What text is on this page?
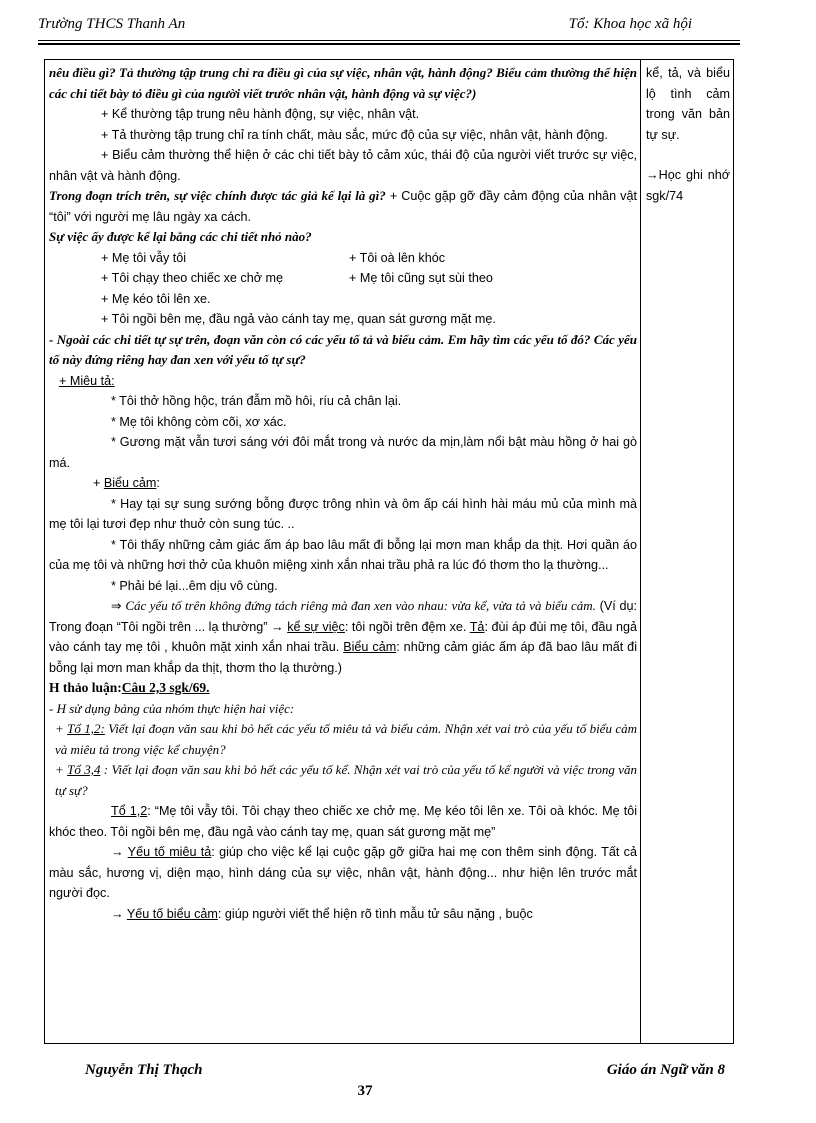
Trường THCS Thanh An	Tổ: Khoa học xã hội

nêu điều gì? Tả thường tập trung chỉ ra điều gì của sự việc, nhân vật, hành động? Biểu cảm thường thể hiện các chi tiết bày tỏ điều gì của người viết trước nhân vật, hành động và sự việc?)

+ Kể thường tập trung nêu hành động, sự việc, nhân vật.

+ Tả thường tập trung chỉ ra tính chất, màu sắc, mức độ của sự việc, nhân vật, hành động.

+ Biểu cảm thường thể hiện ở các chi tiết bày tỏ cảm xúc, thái độ của người viết trước sự việc, nhân vật và hành động.

Trong đoạn trích trên, sự việc chính được tác giả kể lại là gì? + Cuộc gặp gỡ đầy cảm động của nhân vật “tôi” với người mẹ lâu ngày xa cách.

Sự việc ấy được kể lại bằng các chi tiết nhỏ nào?

+ Mẹ tôi vẫy tôi	+ Tôi oà lên khóc

+ Tôi chạy theo chiếc xe chở mẹ	+ Mẹ tôi cũng sụt sùi theo

+ Mẹ kéo tôi lên xe.

+ Tôi ngồi bên mẹ, đầu ngả vào cánh tay mẹ, quan sát gương mặt mẹ.

- Ngoài các chi tiết tự sự trên, đoạn văn còn có các yếu tố tả và biểu cảm. Em hãy tìm các yếu tố đó? Các yếu tố này đứng riêng hay đan xen với yếu tố tự sự?

+ Miêu tả:

* Tôi thở hồng hộc, trán đẫm mồ hôi, ríu cả chân lại.

* Mẹ tôi không còm cõi, xơ xác.

* Gương mặt vẫn tươi sáng với đôi mắt trong và nước da mịn,làm nổi bật màu hồng ở hai gò má.

+ Biểu cảm:

* Hay tại sự sung sướng bỗng được trông nhìn và ôm ấp cái hình hài máu mủ của mình mà mẹ tôi lại tươi đẹp như thuở còn sung túc. ..

* Tôi thấy những cảm giác ấm áp bao lâu mất đi bỗng lại mơn man khắp da thịt. Hơi quần áo của mẹ tôi và những hơi thở của khuôn miệng xinh xắn nhai trầu phả ra lúc đó thơm tho lạ thường...

* Phải bé lại...êm dịu vô cùng.

⇒ Các yếu tố trên không đứng tách riêng mà đan xen vào nhau: vừa kể, vừa tả và biểu cảm. (Ví dụ: Trong đoạn “Tôi ngồi trên ... lạ thường” → kể sự việc: tôi ngồi trên đệm xe. Tả: đùi áp đùi mẹ tôi, đầu ngả vào cánh tay mẹ tôi , khuôn mặt xinh xắn nhai trầu. Biểu cảm: những cảm giác ấm áp đã bao lâu mất đi bỗng lại mơn man khắp da thịt, thơm tho lạ thường.)

H thảo luận:Câu 2,3 sgk/69.

- H sử dụng bảng của nhóm thực hiện hai việc:

+ Tổ 1,2: Viết lại đoạn văn sau khi bỏ hết các yếu tố miêu tả và biểu cảm. Nhận xét vai trò của yếu tố biểu cảm và miêu tả trong việc kể chuyện?

+ Tổ 3,4 : Viết lại đoạn văn sau khi bỏ hết các yếu tố kể. Nhận xét vai trò của yếu tố kể người và việc trong văn tự sự?

Tổ 1,2: “Mẹ tôi vẫy tôi. Tôi chạy theo chiếc xe chở mẹ. Mẹ kéo tôi lên xe. Tôi oà khóc. Mẹ tôi khóc theo. Tôi ngồi bên mẹ, đầu ngả vào cánh tay mẹ, quan sát gương mặt mẹ”

→ Yếu tố miêu tả: giúp cho việc kể lại cuộc gặp gỡ giữa hai mẹ con thêm sinh động. Tất cả màu sắc, hương vị, diện mạo, hình dáng của sự việc, nhân vật, hành động... như hiện lên trước mắt người đọc.

→ Yếu tố biểu cảm: giúp người viết thể hiện rõ tình mẫu tử sâu nặng , buộc

kể, tả, và biểu lộ tình cảm trong văn bản tự sự.

→Học ghi nhớ sgk/74

Nguyễn Thị Thạch	Giáo án Ngữ văn 8
37
